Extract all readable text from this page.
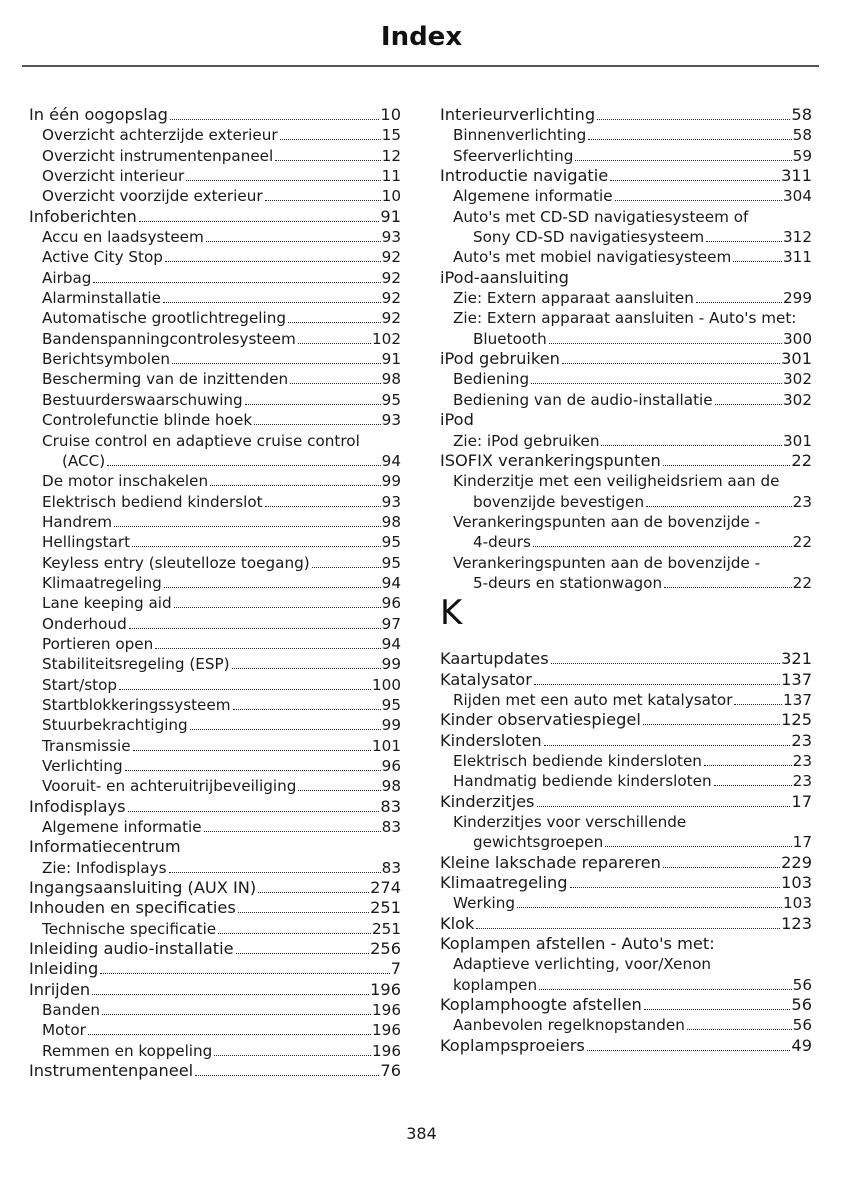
Index
In één oogopslag	10
Overzicht achterzijde exterieur	15
Overzicht instrumentenpaneel	12
Overzicht interieur	11
Overzicht voorzijde exterieur	10
Infoberichten	91
Accu en laadsysteem	93
Active City Stop	92
Airbag	92
Alarminstallatie	92
Automatische grootlichtregeling	92
Bandenspanningcontrolesysteem	102
Berichtsymbolen	91
Bescherming van de inzittenden	98
Bestuurderswaarschuwing	95
Controlefunctie blinde hoek	93
Cruise control en adaptieve cruise control
(ACC)	94
De motor inschakelen	99
Elektrisch bediend kinderslot	93
Handrem	98
Hellingstart	95
Keyless entry (sleutelloze toegang)	95
Klimaatregeling	94
Lane keeping aid	96
Onderhoud	97
Portieren open	94
Stabiliteitsregeling (ESP)	99
Start/stop	100
Startblokkeringssysteem	95
Stuurbekrachtiging	99
Transmissie	101
Verlichting	96
Vooruit- en achteruitrijbeveiliging	98
Infodisplays	83
Algemene informatie	83
Informatiecentrum
Zie: Infodisplays	83
Ingangsaansluiting (AUX IN)	274
Inhouden en specificaties	251
Technische specificatie	251
Inleiding audio-installatie	256
Inleiding	7
Inrijden	196
Banden	196
Motor	196
Remmen en koppeling	196
Instrumentenpaneel	76
Interieurverlichting	58
Binnenverlichting	58
Sfeerverlichting	59
Introductie navigatie	311
Algemene informatie	304
Auto's met CD-SD navigatiesysteem of
Sony CD-SD navigatiesysteem	312
Auto's met mobiel navigatiesysteem	311
iPod-aansluiting
Zie: Extern apparaat aansluiten	299
Zie: Extern apparaat aansluiten - Auto's met:
Bluetooth	300
iPod gebruiken	301
Bediening	302
Bediening van de audio-installatie	302
iPod
Zie: iPod gebruiken	301
ISOFIX verankeringspunten	22
Kinderzitje met een veiligheidsriem aan de
bovenzijde bevestigen	23
Verankeringspunten aan de bovenzijde -
4-deurs	22
Verankeringspunten aan de bovenzijde -
5-deurs en stationwagon	22
K
Kaartupdates	321
Katalysator	137
Rijden met een auto met katalysator	137
Kinder observatiespiegel	125
Kindersloten	23
Elektrisch bediende kindersloten	23
Handmatig bediende kindersloten	23
Kinderzitjes	17
Kinderzitjes voor verschillende
gewichtsgroepen	17
Kleine lakschade repareren	229
Klimaatregeling	103
Werking	103
Klok	123
Koplampen afstellen - Auto's met:
Adaptieve verlichting, voor/Xenon
koplampen	56
Koplamphoogte afstellen	56
Aanbevolen regelknopstanden	56
Koplampsproeiers	49
384
